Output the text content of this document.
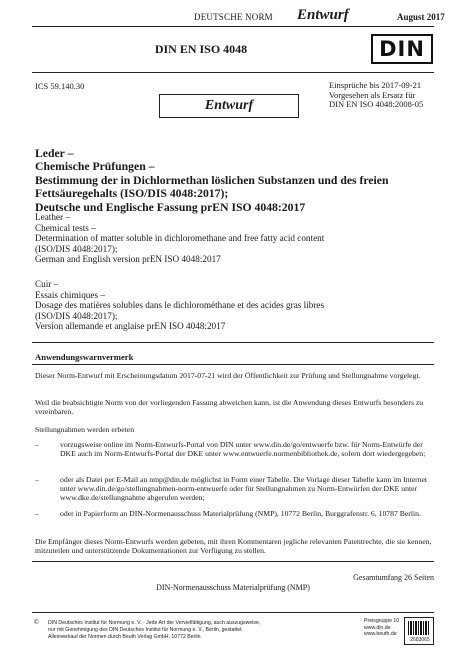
DEUTSCHE NORM Entwurf	August 2017
DIN EN ISO 4048	DIN
ICS 59.140.30	Einsprüche bis 2017-09-21
Vorgesehen als Ersatz für
DIN EN ISO 4048:2008-05
Entwurf
Leder –
Chemische Prüfungen –
Bestimmung der in Dichlormethan löslichen Substanzen und des freien
Fettsäuregehalts (ISO/DIS 4048:2017);
Deutsche und Englische Fassung prEN ISO 4048:2017
Leather –
Chemical tests –
Determination of matter soluble in dichloromethane and free fatty acid content
(ISO/DIS 4048:2017);
German and English version prEN ISO 4048:2017
Cuir –
Essais chimiques –
Dosage des matières solubles dans le dichlorométhane et des acides gras libres
(ISO/DIS 4048:2017);
Version allemande et anglaise prEN ISO 4048:2017
Anwendungswarnvermerk
Dieser Norm-Entwurf mit Erscheinungsdatum 2017-07-21 wird der Öffentlichkeit zur Prüfung und Stellungnahme vorgelegt.
Weil die beabsichtigte Norm von der vorliegenden Fassung abweichen kann, ist die Anwendung dieses Entwurfs besonders zu vereinbaren.
Stellungnahmen werden erbeten
–	vorzugsweise online im Norm-Entwurfs-Portal von DIN unter www.din.de/go/entwuerfe bzw. für Norm-Entwürfe der DKE auch im Norm-Entwurfs-Portal der DKE unter www.entwuerfe.normenbibliothek.de, sofern dort wiedergegeben;
–	oder als Datei per E-Mail an nmp@din.de möglichst in Form einer Tabelle. Die Vorlage dieser Tabelle kann im Internet unter www.din.de/go/stellungnahmen-norm-entwuerfe oder für Stellungnahmen zu Norm-Entwürfen der DKE unter www.dke.de/stellungnahme abgerufen werden;
–	oder in Papierform an DIN-Normenausschuss Materialprüfung (NMP), 10772 Berlin, Burggrafenstr. 6, 10787 Berlin.
Die Empfänger dieses Norm-Entwurfs werden gebeten, mit ihren Kommentaren jegliche relevanten Patentrechte, die sie kennen, mitzuteilen und unterstützende Dokumentationen zur Verfügung zu stellen.
Gesamtumfang 26 Seiten
DIN-Normenausschuss Materialprüfung (NMP)
© DIN Deutsches Institut für Normung e. V. · Jede Art der Vervielfältigung, auch auszugsweise,
nur mit Genehmigung des DIN Deutsches Institut für Normung e. V., Berlin, gestattet.
Alleinverkauf der Normen durch Beuth Verlag GmbH, 10772 Berlin
Preisgruppe 10
www.din.de
www.beuth.de
2683065
